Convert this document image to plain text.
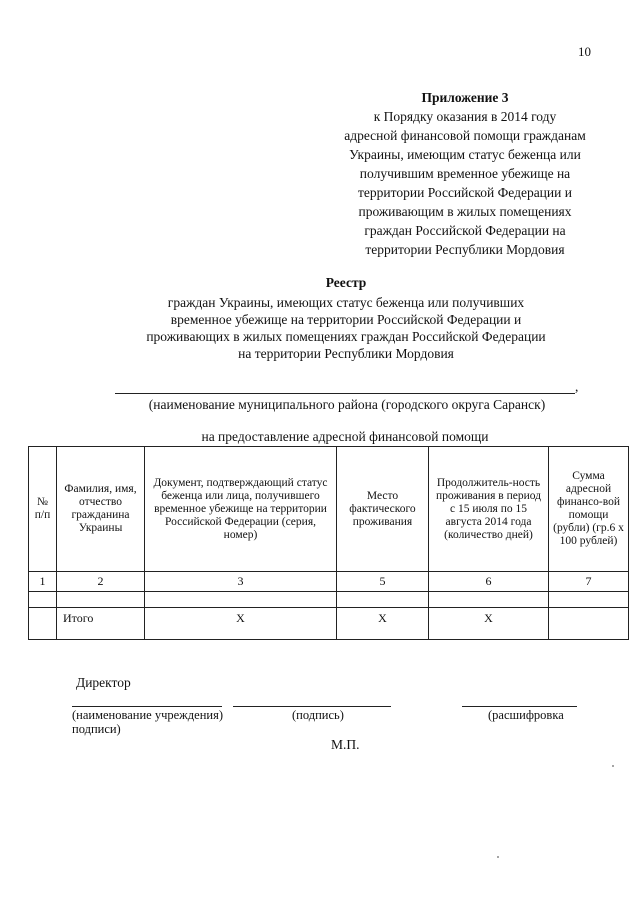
10
Приложение 3
к Порядку оказания в 2014 году
адресной финансовой помощи гражданам
Украины, имеющим статус беженца или
получившим временное убежище на
территории Российской Федерации и
проживающим в жилых помещениях
граждан Российской Федерации на
территории Республики Мордовия
Реестр
граждан Украины, имеющих статус беженца или получивших
временное убежище на территории Российской Федерации и
проживающих в жилых помещениях граждан Российской Федерации
на территории Республики Мордовия
,
(наименование муниципального района (городского округа Саранск)
на предоставление адресной финансовой помощи
№ п/п	Фамилия, имя, отчество гражданина Украины	Документ, подтверждающий статус беженца или лица, получившего временное убежище на территории Российской Федерации (серия, номер)	Место фактического проживания	Продолжитель-ность проживания в период с 15 июля по 15 августа 2014 года (количество дней)	Сумма адресной финансо-вой помощи (рубли) (гр.6 х 100 рублей)
1	2	3	5	6	7

	Итого	Х	Х	Х	
Директор
(наименование учреждения)	(подпись)	(расшифровка
подписи)
М.П.
